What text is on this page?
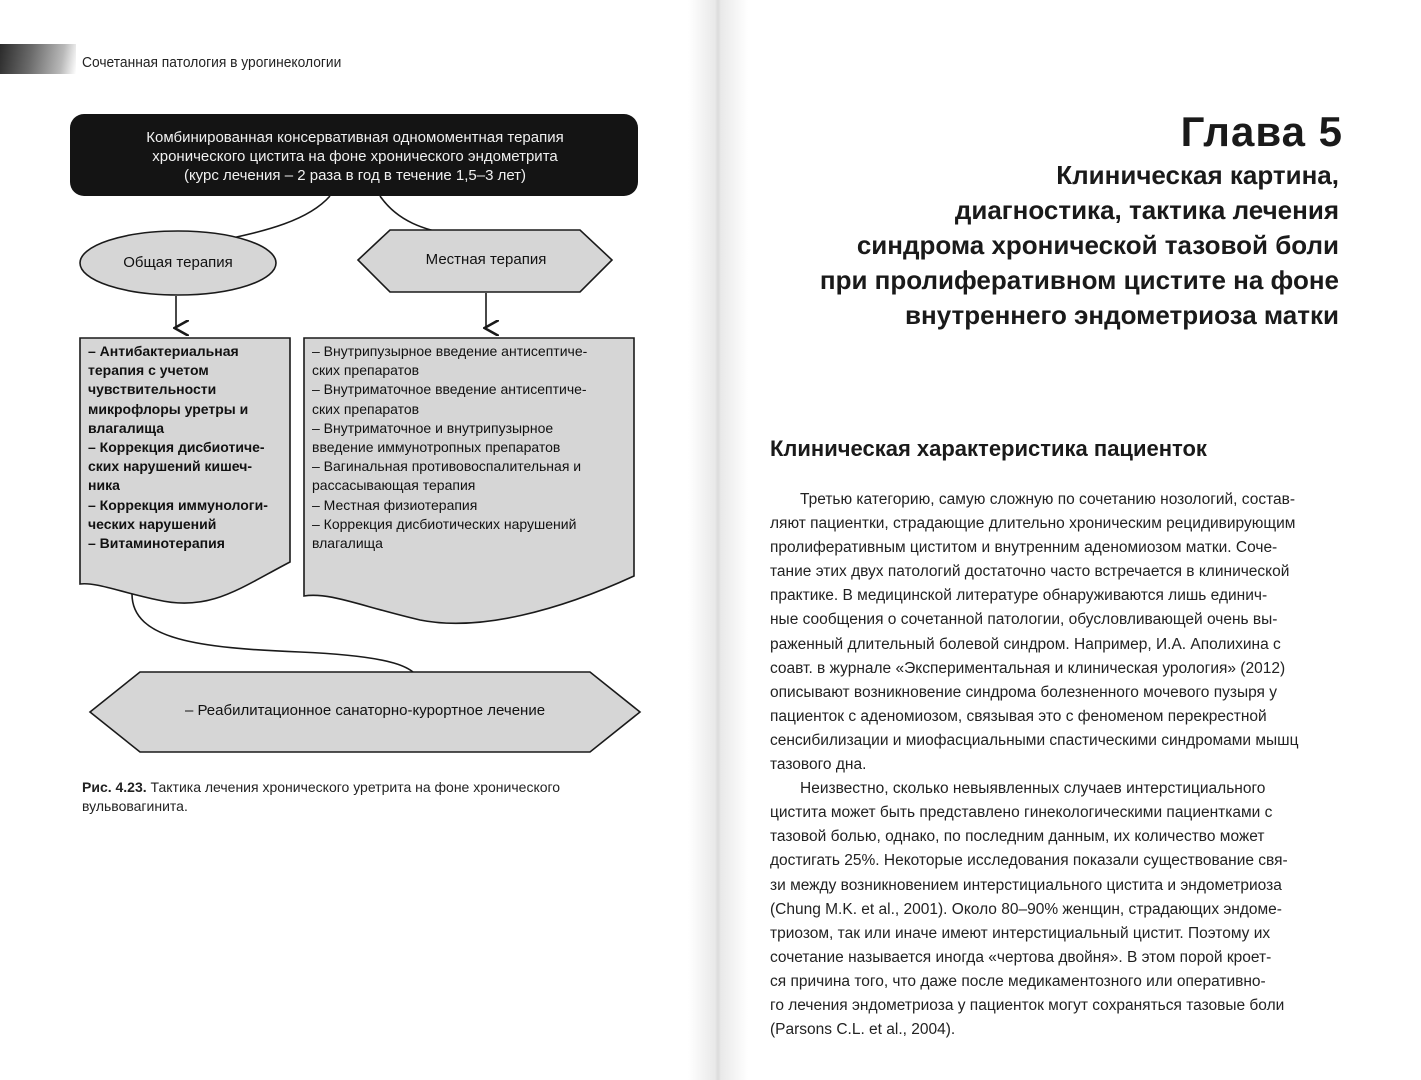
Сочетанная патология в урогинекологии
Комбинированная консервативная одномоментная терапия
хронического цистита на фоне хронического эндометрита
(курс лечения – 2 раза в год в течение 1,5–3 лет)
Общая терапия	Местная терапия
– Антибактериальная
терапия с учетом
чувствительности
микрофлоры уретры и
влагалища
– Коррекция дисбиотиче-
ских нарушений кишеч-
ника
– Коррекция иммунологи-
ческих нарушений
– Витаминотерапия
– Внутрипузырное введение антисептиче-
ских препаратов
– Внутриматочное введение антисептиче-
ских препаратов
– Внутриматочное и внутрипузырное
введение иммунотропных препаратов
– Вагинальная противовоспалительная и
рассасывающая терапия
– Местная физиотерапия
– Коррекция дисбиотических нарушений
влагалища
– Реабилитационное санаторно-курортное лечение
Рис. 4.23. Тактика лечения хронического уретрита на фоне хронического
вульвовагинита.
Глава 5
Клиническая картина,
диагностика, тактика лечения
синдрома хронической тазовой боли
при пролиферативном цистите на фоне
внутреннего эндометриоза матки
Клиническая характеристика пациенток
Третью категорию, самую сложную по сочетанию нозологий, состав-
ляют пациентки, страдающие длительно хроническим рецидивирующим
пролиферативным циститом и внутренним аденомиозом матки. Соче-
тание этих двух патологий достаточно часто встречается в клинической
практике. В медицинской литературе обнаруживаются лишь единич-
ные сообщения о сочетанной патологии, обусловливающей очень вы-
раженный длительный болевой синдром. Например, И.А. Аполихина с
соавт. в журнале «Экспериментальная и клиническая урология» (2012)
описывают возникновение синдрома болезненного мочевого пузыря у
пациенток с аденомиозом, связывая это с феноменом перекрестной
сенсибилизации и миофасциальными спастическими синдромами мышц
тазового дна.
Неизвестно, сколько невыявленных случаев интерстициального
цистита может быть представлено гинекологическими пациентками с
тазовой болью, однако, по последним данным, их количество может
достигать 25%. Некоторые исследования показали существование свя-
зи между возникновением интерстициального цистита и эндометриоза
(Chung M.K. et al., 2001). Около 80–90% женщин, страдающих эндоме-
триозом, так или иначе имеют интерстициальный цистит. Поэтому их
сочетание называется иногда «чертова двойня». В этом порой кроет-
ся причина того, что даже после медикаментозного или оперативно-
го лечения эндометриоза у пациенток могут сохраняться тазовые боли
(Parsons C.L. et al., 2004).
